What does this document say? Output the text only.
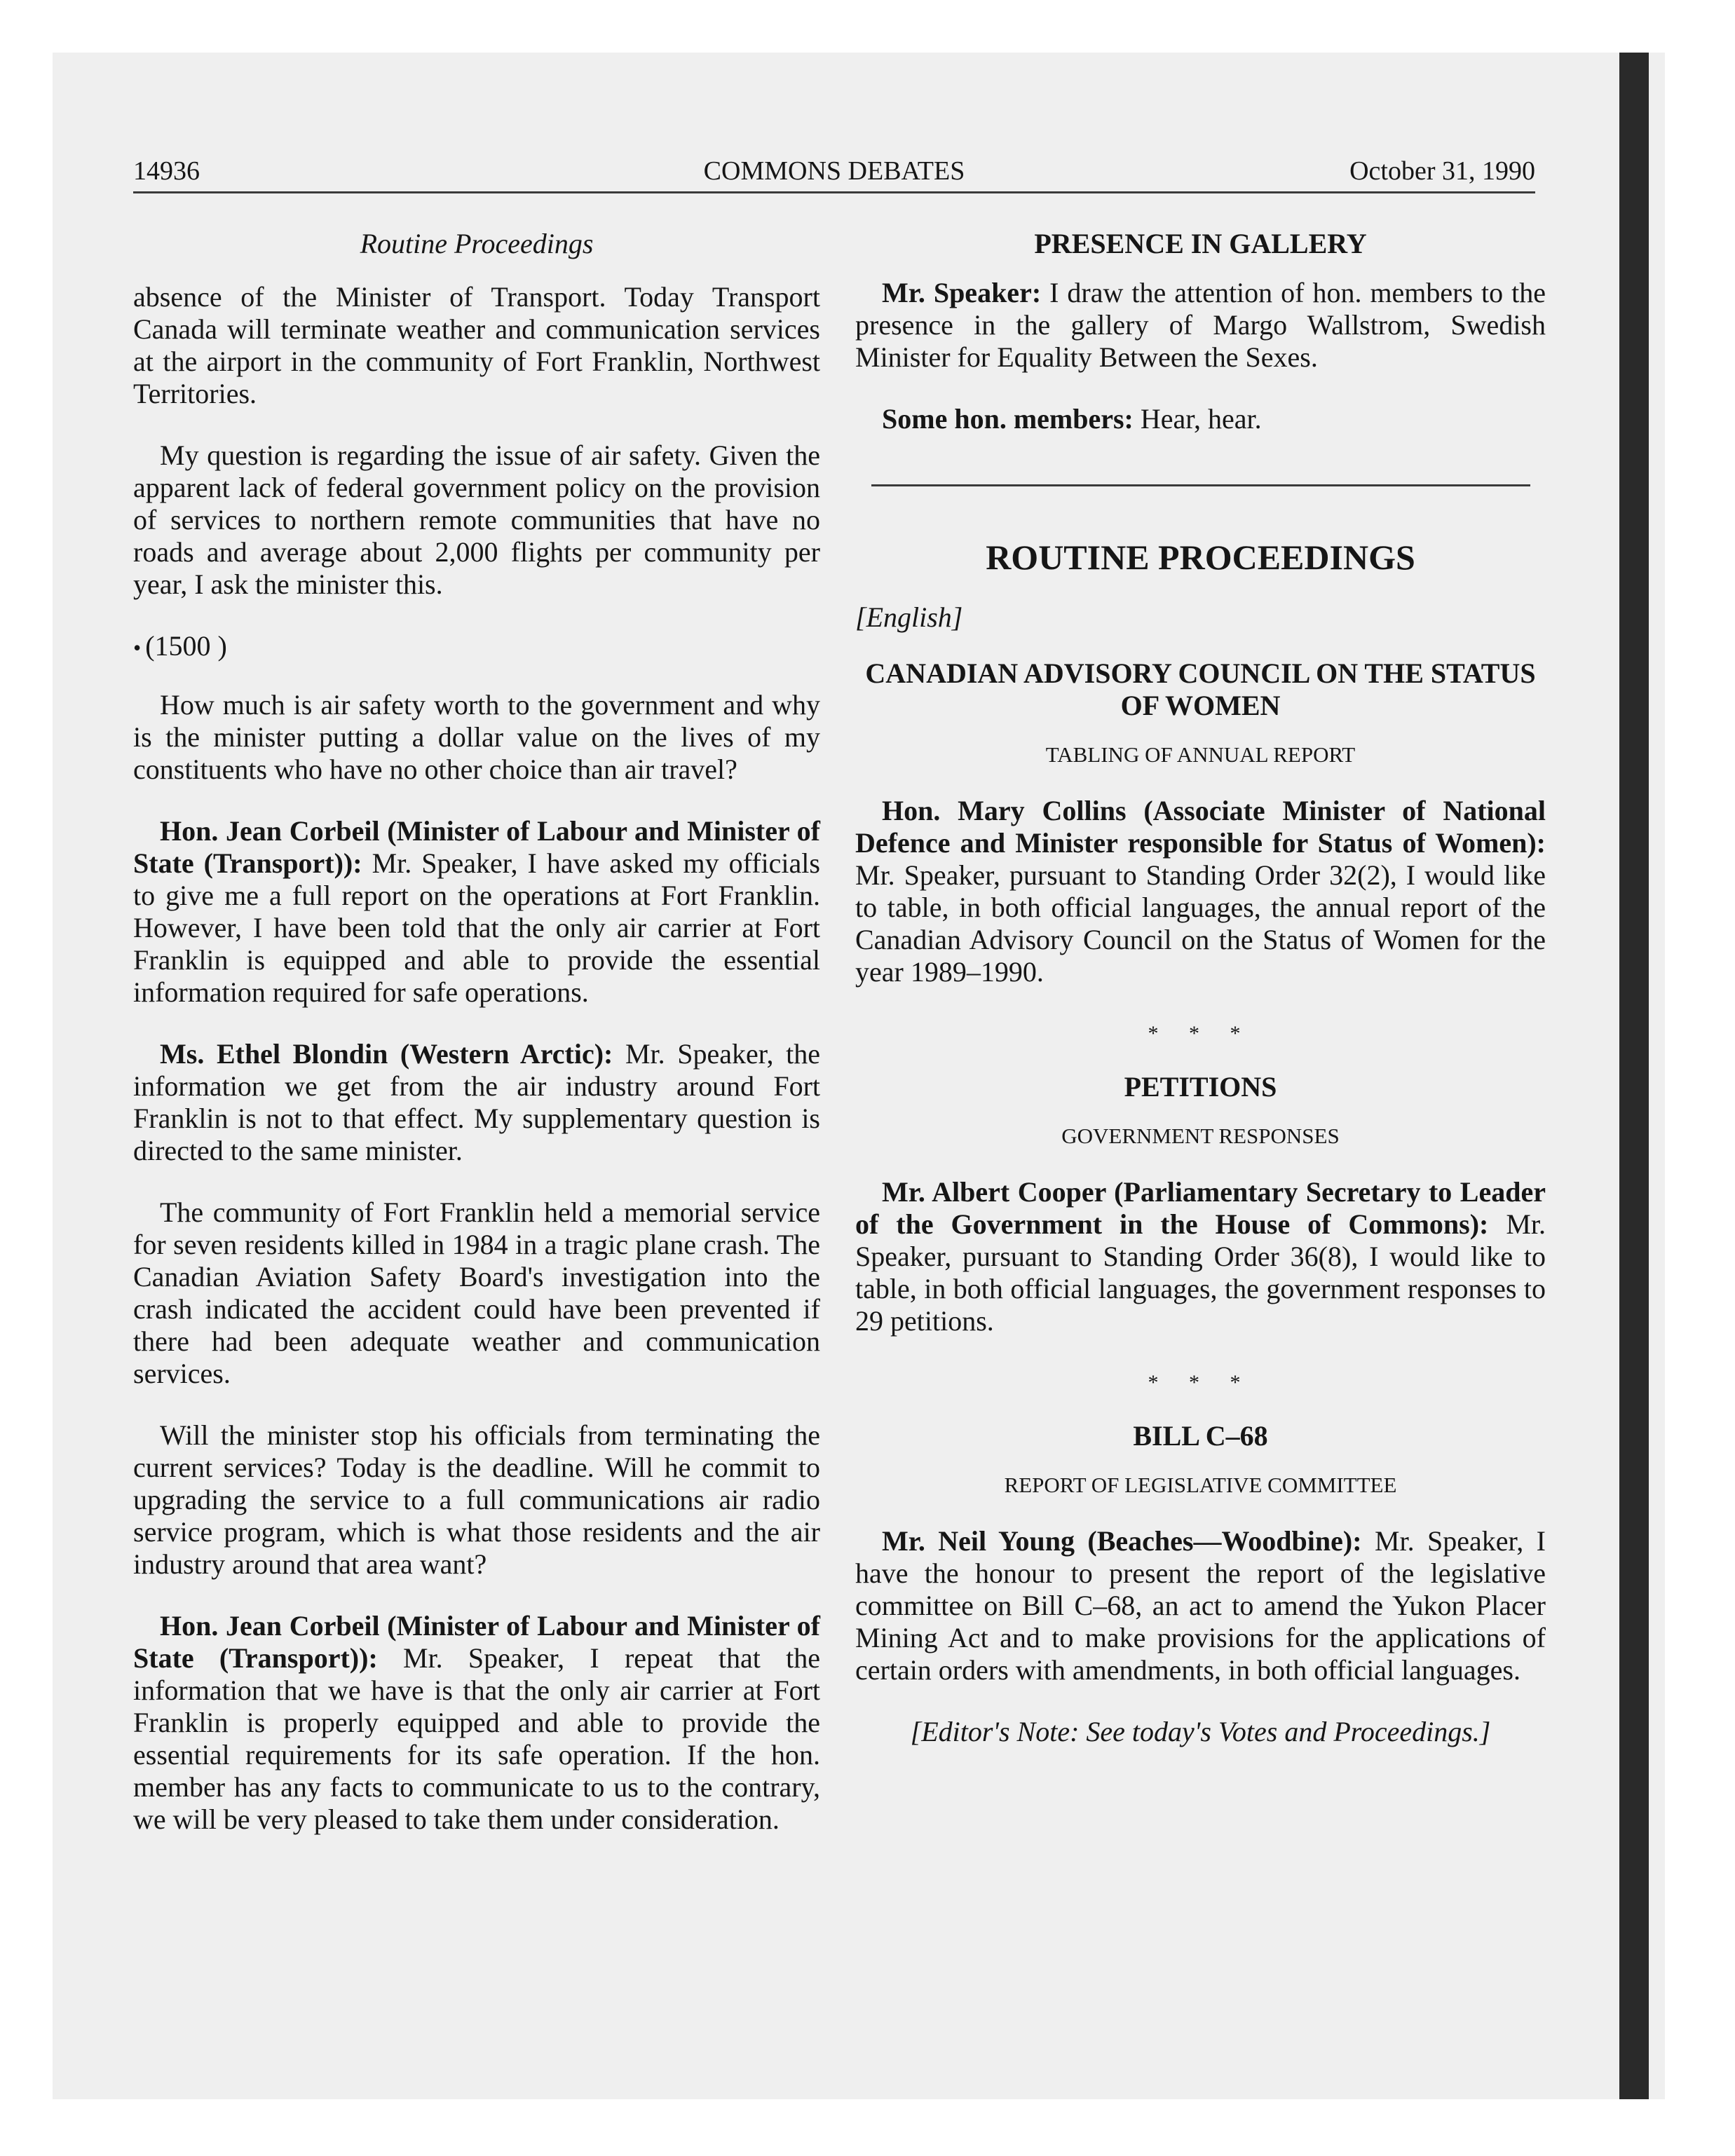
14936	COMMONS DEBATES	October 31, 1990
Routine Proceedings

absence of the Minister of Transport. Today Transport Canada will terminate weather and communication services at the airport in the community of Fort Franklin, Northwest Territories.

My question is regarding the issue of air safety. Given the apparent lack of federal government policy on the provision of services to northern remote communities that have no roads and average about 2,000 flights per community per year, I ask the minister this.

• (1500 )

How much is air safety worth to the government and why is the minister putting a dollar value on the lives of my constituents who have no other choice than air travel?

Hon. Jean Corbeil (Minister of Labour and Minister of State (Transport)): Mr. Speaker, I have asked my officials to give me a full report on the operations at Fort Franklin. However, I have been told that the only air carrier at Fort Franklin is equipped and able to provide the essential information required for safe operations.

Ms. Ethel Blondin (Western Arctic): Mr. Speaker, the information we get from the air industry around Fort Franklin is not to that effect. My supplementary question is directed to the same minister.

The community of Fort Franklin held a memorial service for seven residents killed in 1984 in a tragic plane crash. The Canadian Aviation Safety Board's investigation into the crash indicated the accident could have been prevented if there had been adequate weather and communication services.

Will the minister stop his officials from terminating the current services? Today is the deadline. Will he commit to upgrading the service to a full communications air radio service program, which is what those residents and the air industry around that area want?

Hon. Jean Corbeil (Minister of Labour and Minister of State (Transport)): Mr. Speaker, I repeat that the information that we have is that the only air carrier at Fort Franklin is properly equipped and able to provide the essential requirements for its safe operation. If the hon. member has any facts to communicate to us to the contrary, we will be very pleased to take them under consideration.

PRESENCE IN GALLERY

Mr. Speaker: I draw the attention of hon. members to the presence in the gallery of Margo Wallstrom, Swedish Minister for Equality Between the Sexes.

Some hon. members: Hear, hear.

ROUTINE PROCEEDINGS
[English]
CANADIAN ADVISORY COUNCIL ON THE STATUS OF WOMEN
TABLING OF ANNUAL REPORT

Hon. Mary Collins (Associate Minister of National Defence and Minister responsible for Status of Women): Mr. Speaker, pursuant to Standing Order 32(2), I would like to table, in both official languages, the annual report of the Canadian Advisory Council on the Status of Women for the year 1989–1990.

* * *
PETITIONS
GOVERNMENT RESPONSES

Mr. Albert Cooper (Parliamentary Secretary to Leader of the Government in the House of Commons): Mr. Speaker, pursuant to Standing Order 36(8), I would like to table, in both official languages, the government responses to 29 petitions.

* * *
BILL C–68
REPORT OF LEGISLATIVE COMMITTEE

Mr. Neil Young (Beaches—Woodbine): Mr. Speaker, I have the honour to present the report of the legislative committee on Bill C–68, an act to amend the Yukon Placer Mining Act and to make provisions for the applications of certain orders with amendments, in both official languages.

[Editor's Note: See today's Votes and Proceedings.]
